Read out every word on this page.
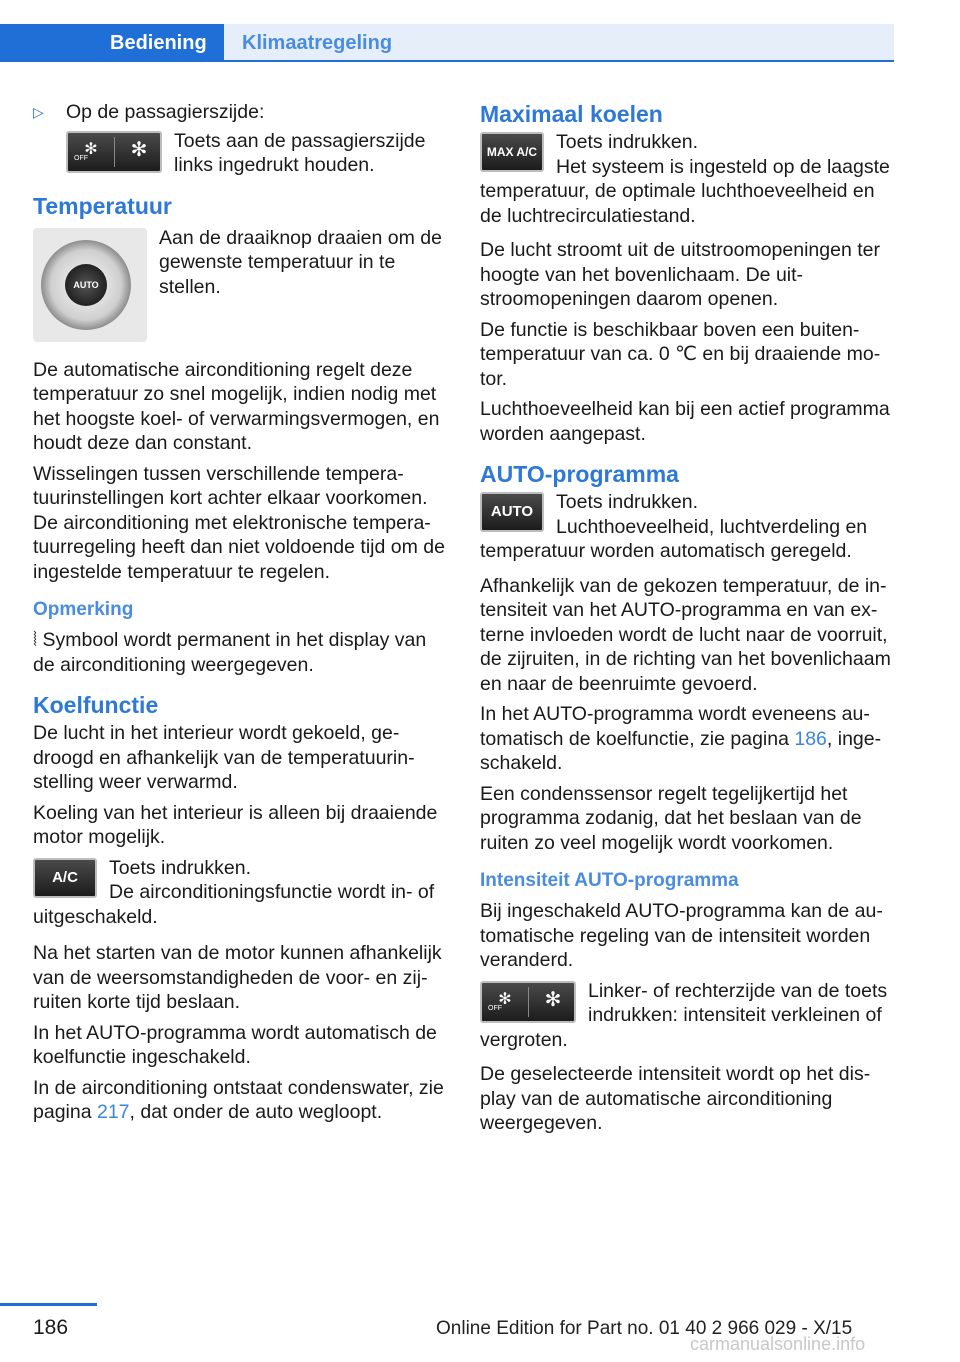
Bediening Klimaatregeling
▷ Op de passagierszijde:
✻
OFF	✻	Toets aan de passagierszijde links ingedrukt houden.
Temperatuur
AUTO
Aan de draaiknop draaien om de gewenste temperatuur in te stellen.

De automatische airconditioning regelt deze temperatuur zo snel mogelijk, indien nodig met het hoogste koel- of verwarmingsvermogen, en houdt deze dan constant.

Wisselingen tussen verschillende temperatuurinstellingen kort achter elkaar voorkomen. De airconditioning met elektronische temperatuurregeling heeft dan niet voldoende tijd om de ingestelde temperatuur te regelen.

Opmerking

⦚ Symbool wordt permanent in het display van de airconditioning weergegeven.

Koelfunctie

De lucht in het interieur wordt gekoeld, gedroogd en afhankelijk van de temperatuurinstelling weer verwarmd.

Koeling van het interieur is alleen bij draaiende motor mogelijk.

A/C	Toets indrukken.
De airconditioningsfunctie wordt in- of uitgeschakeld.

Na het starten van de motor kunnen afhankelijk van de weersomstandigheden de voor- en zijruiten korte tijd beslaan.

In het AUTO-programma wordt automatisch de koelfunctie ingeschakeld.

In de airconditioning ontstaat condenswater, zie pagina 217, dat onder de auto wegloopt.

Maximaal koelen
MAX A/C Toets indrukken.
Het systeem is ingesteld op de laagste temperatuur, de optimale luchthoeveelheid en de luchtrecirculatiestand.

De lucht stroomt uit de uitstroomopeningen ter hoogte van het bovenlichaam. De uitstroomopeningen daarom openen.

De functie is beschikbaar boven een buitentemperatuur van ca. 0 ℃ en bij draaiende motor.

Luchthoeveelheid kan bij een actief programma worden aangepast.

AUTO-programma
AUTO	Toets indrukken.
Luchthoeveelheid, luchtverdeling en temperatuur worden automatisch geregeld.

Afhankelijk van de gekozen temperatuur, de intensiteit van het AUTO-programma en van externe invloeden wordt de lucht naar de voorruit, de zijruiten, in de richting van het bovenlichaam en naar de beenruimte gevoerd.

In het AUTO-programma wordt eveneens automatisch de koelfunctie, zie pagina 186, ingeschakeld.

Een condenssensor regelt tegelijkertijd het programma zodanig, dat het beslaan van de ruiten zo veel mogelijk wordt voorkomen.

Intensiteit AUTO-programma

Bij ingeschakeld AUTO-programma kan de automatische regeling van de intensiteit worden veranderd.

✻
OFF	✻	Linker- of rechterzijde van de toets indrukken: intensiteit verkleinen of vergroten.

De geselecteerde intensiteit wordt op het display van de automatische airconditioning weergegeven.

186	Online Edition for Part no. 01 40 2 966 029 - X/15
carmanualsonline.info
